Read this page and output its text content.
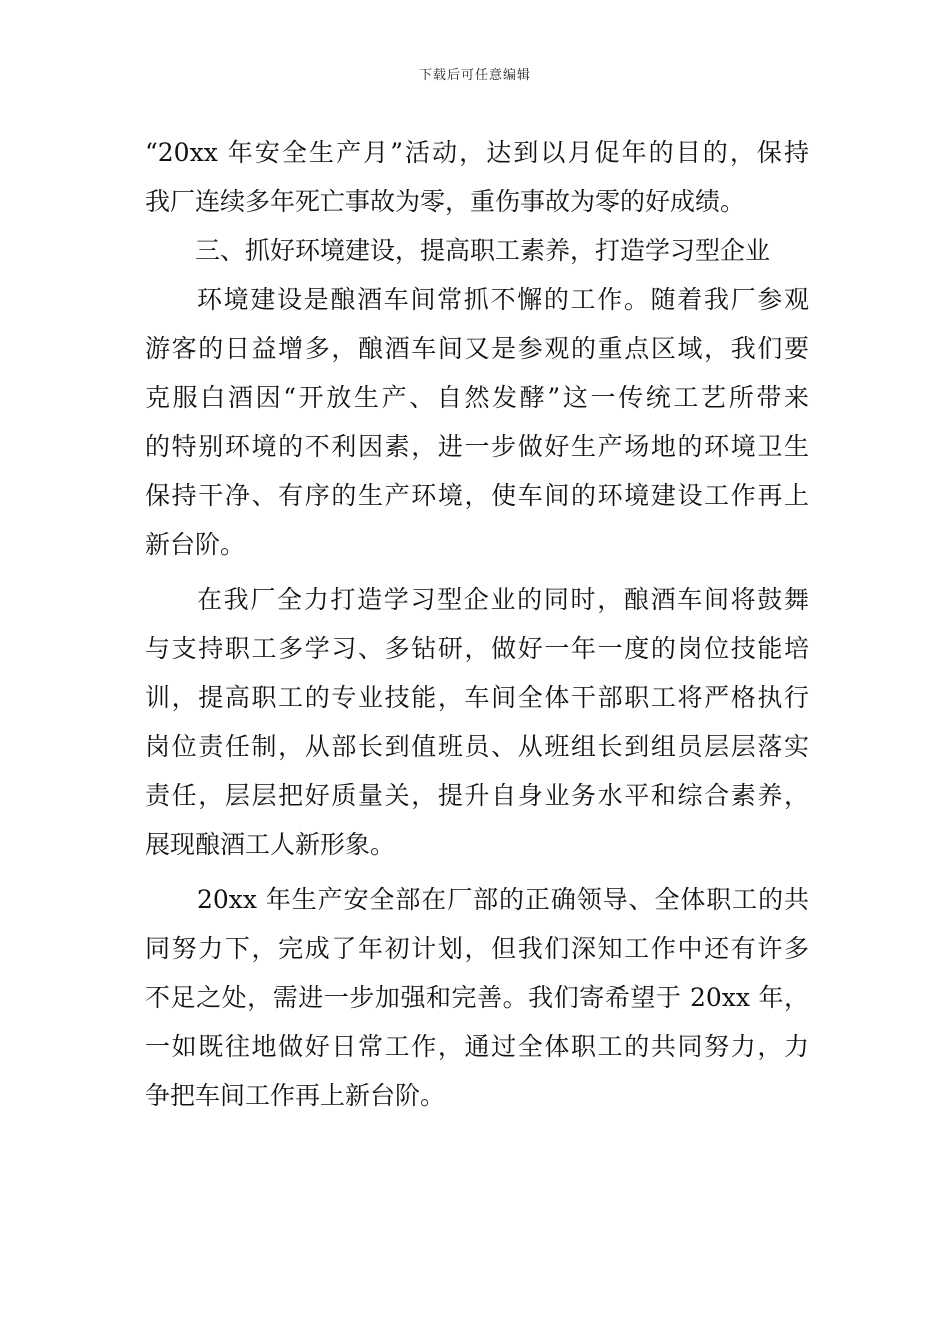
下载后可任意编辑
“20xx 年安全生产月”活动，达到以月促年的目的，保持
我厂连续多年死亡事故为零，重伤事故为零的好成绩。
三、抓好环境建设，提高职工素养，打造学习型企业
环境建设是酿酒车间常抓不懈的工作。随着我厂参观
游客的日益增多，酿酒车间又是参观的重点区域，我们要
克服白酒因“开放生产、自然发酵”这一传统工艺所带来
的特别环境的不利因素，进一步做好生产场地的环境卫生
保持干净、有序的生产环境，使车间的环境建设工作再上
新台阶。
在我厂全力打造学习型企业的同时，酿酒车间将鼓舞
与支持职工多学习、多钻研，做好一年一度的岗位技能培
训，提高职工的专业技能，车间全体干部职工将严格执行
岗位责任制，从部长到值班员、从班组长到组员层层落实
责任，层层把好质量关，提升自身业务水平和综合素养，
展现酿酒工人新形象。
20xx 年生产安全部在厂部的正确领导、全体职工的共
同努力下，完成了年初计划，但我们深知工作中还有许多
不足之处，需进一步加强和完善。我们寄希望于 20xx 年，
一如既往地做好日常工作，通过全体职工的共同努力，力
争把车间工作再上新台阶。
